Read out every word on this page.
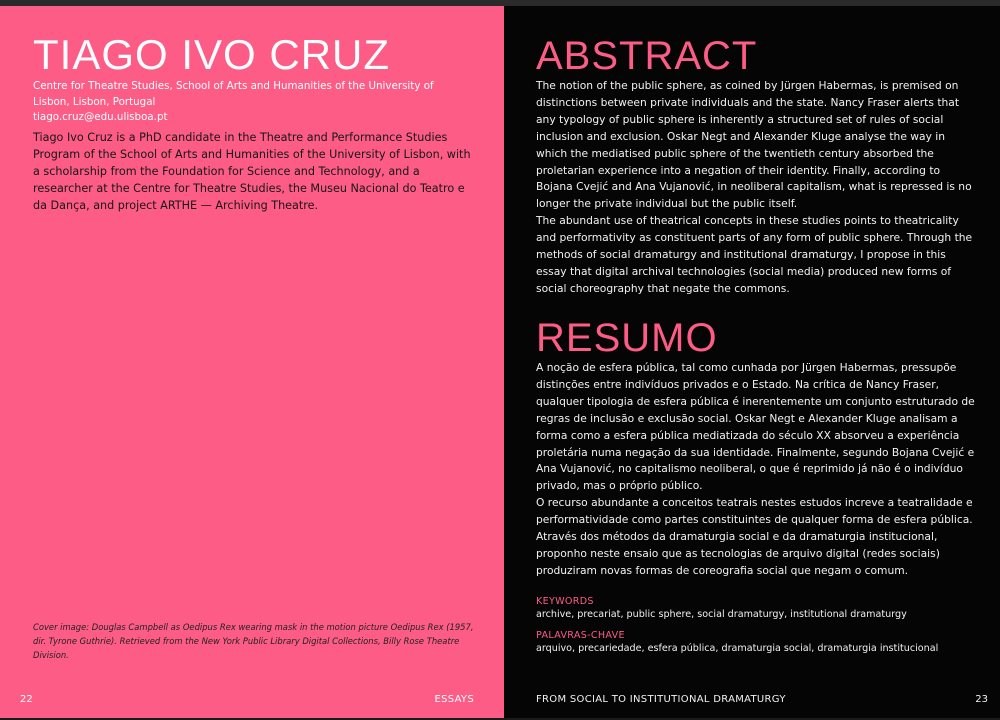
TIAGO IVO CRUZ
Centre for Theatre Studies, School of Arts and Humanities of the University of Lisbon, Lisbon, Portugal
tiago.cruz@edu.ulisboa.pt
Tiago Ivo Cruz is a PhD candidate in the Theatre and Performance Studies Program of the School of Arts and Humanities of the University of Lisbon, with a scholarship from the Foundation for Science and Technology, and a researcher at the Centre for Theatre Studies, the Museu Nacional do Teatro e da Dança, and project ARTHE — Archiving Theatre.
Cover image: Douglas Campbell as Oedipus Rex wearing mask in the motion picture Oedipus Rex (1957, dir. Tyrone Guthrie). Retrieved from the New York Public Library Digital Collections, Billy Rose Theatre Division.
22	ESSAYS
ABSTRACT

The notion of the public sphere, as coined by Jürgen Habermas, is premised on distinctions between private individuals and the state. Nancy Fraser alerts that any typology of public sphere is inherently a structured set of rules of social inclusion and exclusion. Oskar Negt and Alexander Kluge analyse the way in which the mediatised public sphere of the twentieth century absorbed the proletarian experience into a negation of their identity. Finally, according to Bojana Cvejić and Ana Vujanović, in neoliberal capitalism, what is repressed is no longer the private individual but the public itself.

The abundant use of theatrical concepts in these studies points to theatricality and performativity as constituent parts of any form of public sphere. Through the methods of social dramaturgy and institutional dramaturgy, I propose in this essay that digital archival technologies (social media) produced new forms of social choreography that negate the commons.

RESUMO

A noção de esfera pública, tal como cunhada por Jürgen Habermas, pressupõe distinções entre indivíduos privados e o Estado. Na crítica de Nancy Fraser, qualquer tipologia de esfera pública é inerentemente um conjunto estruturado de regras de inclusão e exclusão social. Oskar Negt e Alexander Kluge analisam a forma como a esfera pública mediatizada do século XX absorveu a experiência proletária numa negação da sua identidade. Finalmente, segundo Bojana Cvejić e Ana Vujanović, no capitalismo neoliberal, o que é reprimido já não é o indivíduo privado, mas o próprio público.

O recurso abundante a conceitos teatrais nestes estudos increve a teatralidade e performatividade como partes constituintes de qualquer forma de esfera pública. Através dos métodos da dramaturgia social e da dramaturgia institucional, proponho neste ensaio que as tecnologias de arquivo digital (redes sociais) produziram novas formas de coreografia social que negam o comum.

KEYWORDS
archive, precariat, public sphere, social dramaturgy, institutional dramaturgy
PALAVRAS-CHAVE
arquivo, precariedade, esfera pública, dramaturgia social, dramaturgia institucional
FROM SOCIAL TO INSTITUTIONAL DRAMATURGY	23
